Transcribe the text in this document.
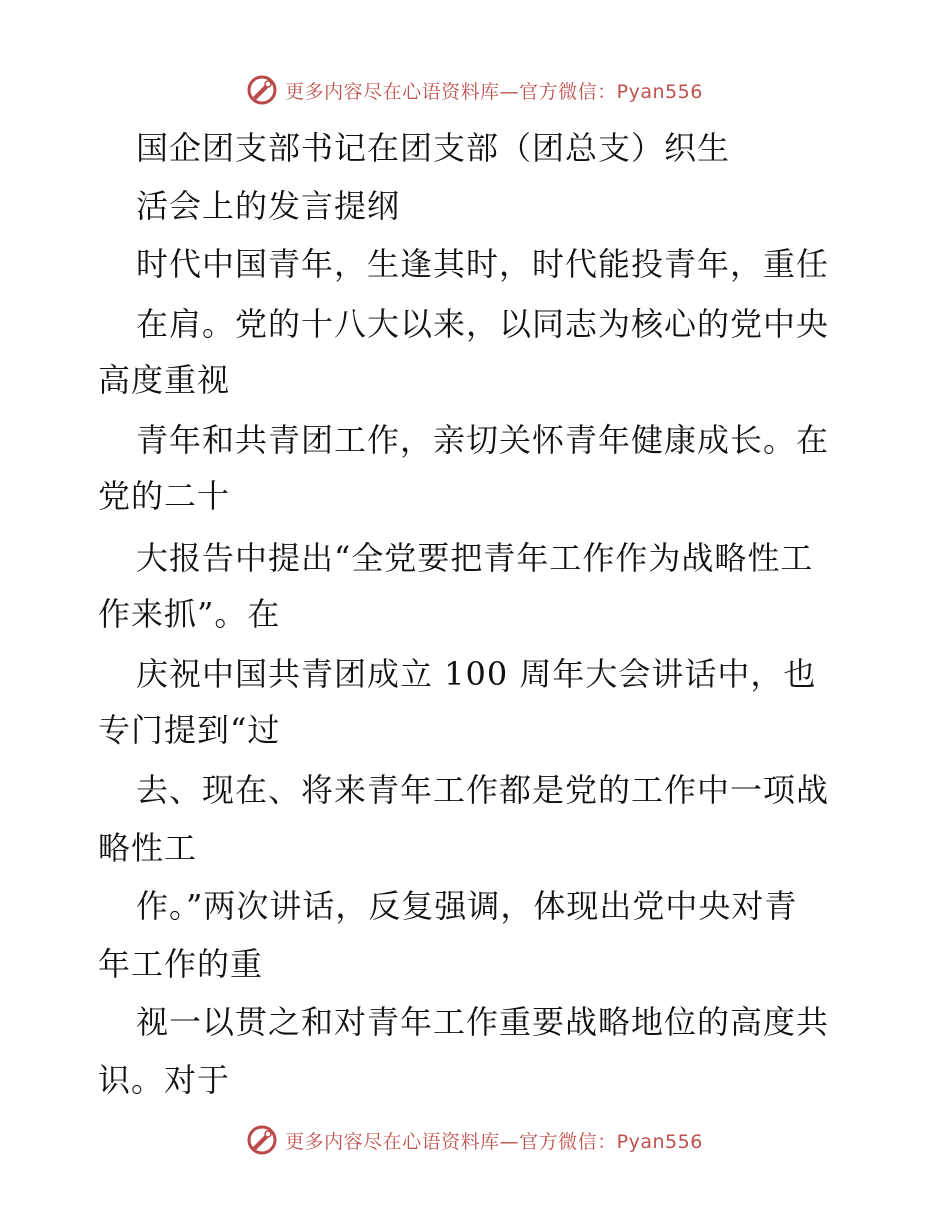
更多内容尽在心语资料库—官方微信：Pyan556
国企团支部书记在团支部（团总支）织生
活会上的发言提纲
时代中国青年，生逢其时，时代能投青年，重任
在肩。党的十八大以来，以同志为核心的党中央
高度重视
青年和共青团工作，亲切关怀青年健康成长。在
党的二十
大报告中提出“全党要把青年工作作为战略性工
作来抓”。在
庆祝中国共青团成立 100 周年大会讲话中，也
专门提到“过
去、现在、将来青年工作都是党的工作中一项战
略性工
作。”两次讲话，反复强调，体现出党中央对青
年工作的重
视一以贯之和对青年工作重要战略地位的高度共
识。对于
更多内容尽在心语资料库—官方微信：Pyan556
